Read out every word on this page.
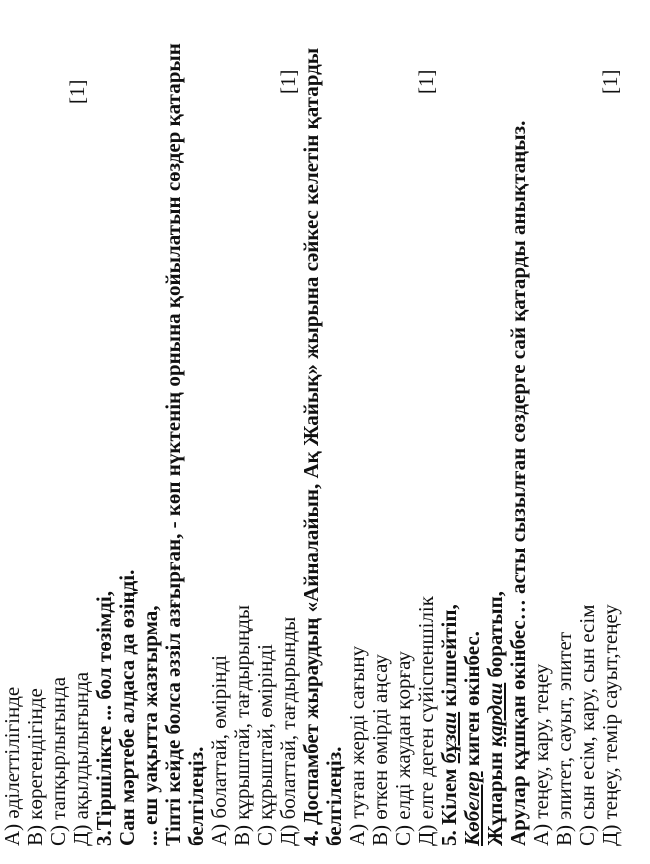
А) әділеттілігінде В) көрегендігінде С) тапқырлығында Д) ақылдылығында
[1]
3.Тіршілікте ... бол төзімді, Сан мәртебе алдаса да өзіңді. ... еш уақытта жазғырма, Тіпті кейде болса әззіл азғырған, - көп нүктенің орнына қойылатын сөздер қатарын белгілеңіз. А) болаттай, өмірінді В) құрыштай, тағдырыңды С) құрыштай, өмірінді Д) болаттай, тағдырынды
[1] 4. Доспамбет жыраудың «Айналайын, Ақ Жайық» жырына сәйкес келетін қатарды белгілеңіз. А) туған жерді сағыну В) өткен өмірді аңсау С) елді жаудан қорғау Д) елге деген сүйіспеншілік
[1]
5. Кілем бұзаи кілшейтіп,
Көбелер киген өкінбес.
Жұпарын қардаи боратып, Арулар құшқан өкінбес… асты сызылған сөздерге сай қатарды анықтаңыз. А) теңеу, кару, теңеу В) эпитет, сауыт, эпитет С) сын есім, кару, сын есім Д) теңеу, темір сауыт,теңеу
[1]
